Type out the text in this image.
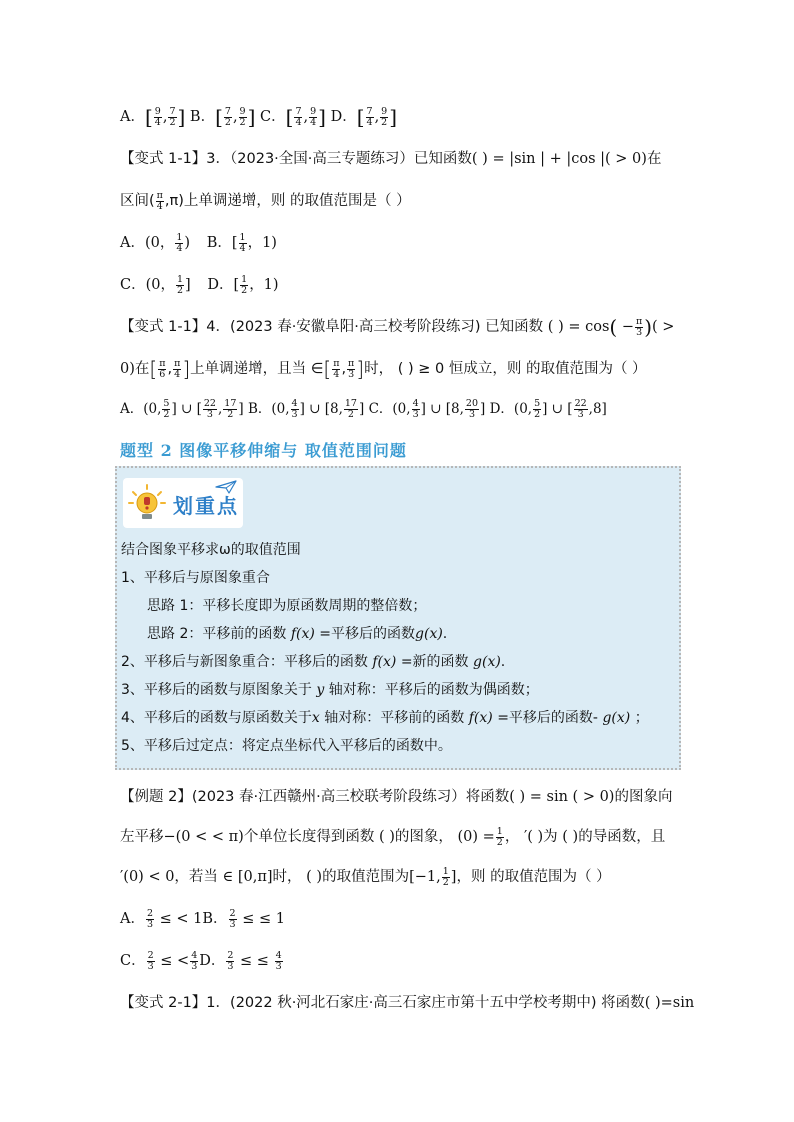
A．[ $\frac{9}{4}$ , $\frac{7}{2}$ ] B．[ $\frac{7}{2}$ , $\frac{9}{2}$ ] C．[ $\frac{7}{4}$ , $\frac{9}{4}$ ] D．[ $\frac{7}{4}$ , $\frac{9}{2}$ ]
【变式 1-1】3．（2023·全国·高三专题练习）已知函数( ) = |sin | + |cos |( > 0)在
区间( $\frac{\pi}{4} ,\pi$)上单调递增，则 的取值范围是（ ）
A．(0， $\frac{1}{4}$ ) B．[ $\frac{1}{4}$ ，1)
C．(0， $\frac{1}{2}$ ] D．[ $\frac{1}{2}$ ，1)
【变式 1-1】4．(2023 春·安徽阜阳·高三校考阶段练习) 已知函数 ( ) = $\cos( - \frac{\pi}{3}$ )( >
0)在[ $\frac{\pi}{6}$ , $\frac{\pi}{4}$ ]上单调递增，且当 ∈[ $\frac{\pi}{4}$ , $\frac{\pi}{3}$ ]时， ( ) ≥ 0 恒成立，则 的取值范围为（ ）
A．(0, $\frac{5}{2}$ ] ∪ [ $\frac{22}{3}$ , $\frac{17}{2}$ ] B．(0, $\frac{4}{3}$ ] ∪ [8, $\frac{17}{2}$ ] C．(0, $\frac{4}{3}$ ] ∪ [8, $\frac{20}{3}$ ] D．(0, $\frac{5}{2}$ ] ∪ [ $\frac{22}{3} ,8$]
题型 2 图像平移伸缩与 取值范围问题
划重点
结合图象平移求ω的取值范围
1、平移后与原图象重合
思路 1：平移长度即为原函数周期的整倍数；
思路 2：平移前的函数 f(x) =平移后的函数g(x).
2、平移后与新图象重合：平移后的函数 f(x) =新的函数 g(x).
3、平移后的函数与原图象关于 y 轴对称：平移后的函数为偶函数；
4、平移后的函数与原函数关于x 轴对称：平移前的函数 f(x) =平移后的函数- g(x) ；
5、平移后过定点：将定点坐标代入平移后的函数中。
【例题 2】(2023 春·江西赣州·高三校联考阶段练习）将函数( ) = sin ( > 0)的图象向
左平移−(0 < < π)个单位长度得到函数 ( )的图象， $(0) = \frac{1}{2}$ ， ′( )为 ( )的导函数，且
′(0) < 0，若当 ∈ [0,π]时， ( )的取值范围为[−1, $\frac{1}{2}$ ]，则 的取值范围为（ ）
A． $\frac{2}{3}$ ≤ < 1B． $\frac{2}{3}$ ≤ ≤ 1
C． $\frac{2}{3}$ ≤ < $\frac{4}{3}$ D． $\frac{2}{3}$ ≤ ≤ $\frac{4}{3}$
【变式 2-1】1．(2022 秋·河北石家庄·高三石家庄市第十五中学校考期中) 将函数( )=sin
